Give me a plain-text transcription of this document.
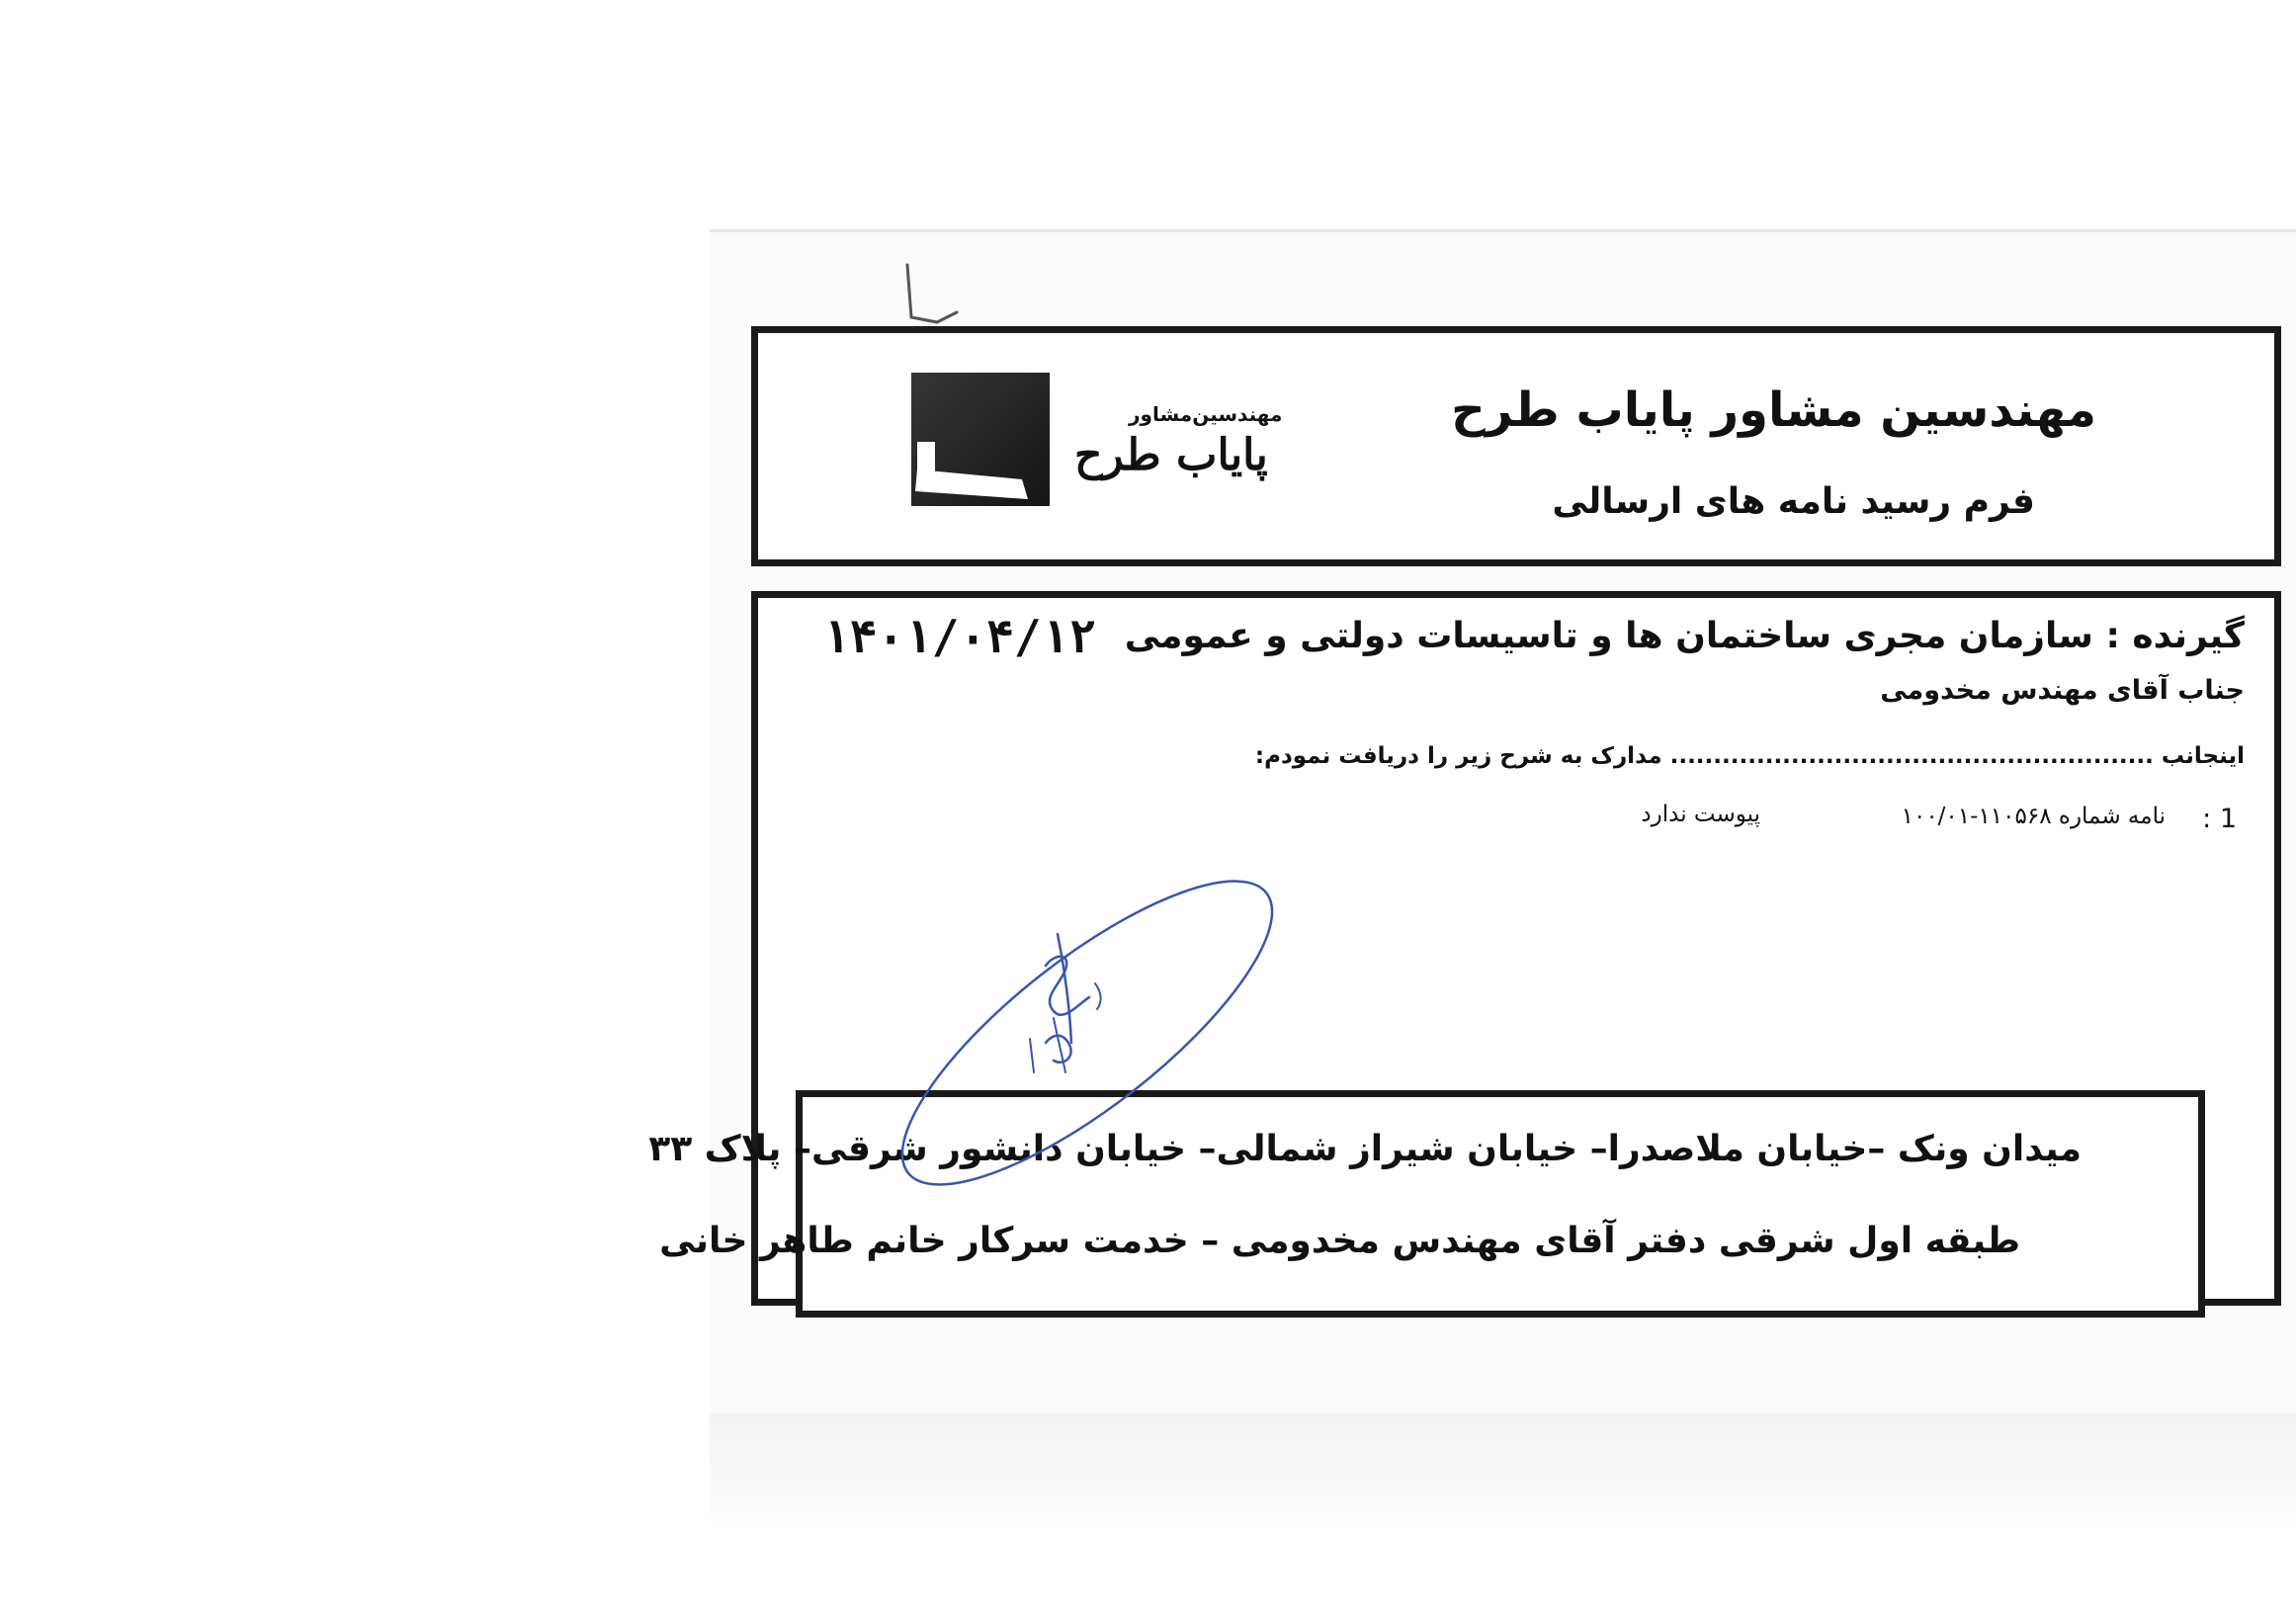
مهندسین مشاور پایاب طرح
فرم رسید نامه های ارسالی
مهندسین‌مشاور
پایاب طرح
۱۴۰۱/۰۴/۱۲ گیرنده : سازمان مجری ساختمان ها و تاسیسات دولتی و عمومی
جناب آقای مهندس مخدومی
اینجانب ........................................................ مدارک به شرح زیر را دریافت نمودم:
1 :
نامه شماره ۱۱۰۵۶۸-۱۰۰/۰۱
پیوست ندارد
میدان ونک –خیابان ملاصدرا– خیابان شیراز شمالی– خیابان دانشور شرقی– پلاک ۳۳
طبقه اول شرقی دفتر آقای مهندس مخدومی – خدمت سرکار خانم طاهر خانی
